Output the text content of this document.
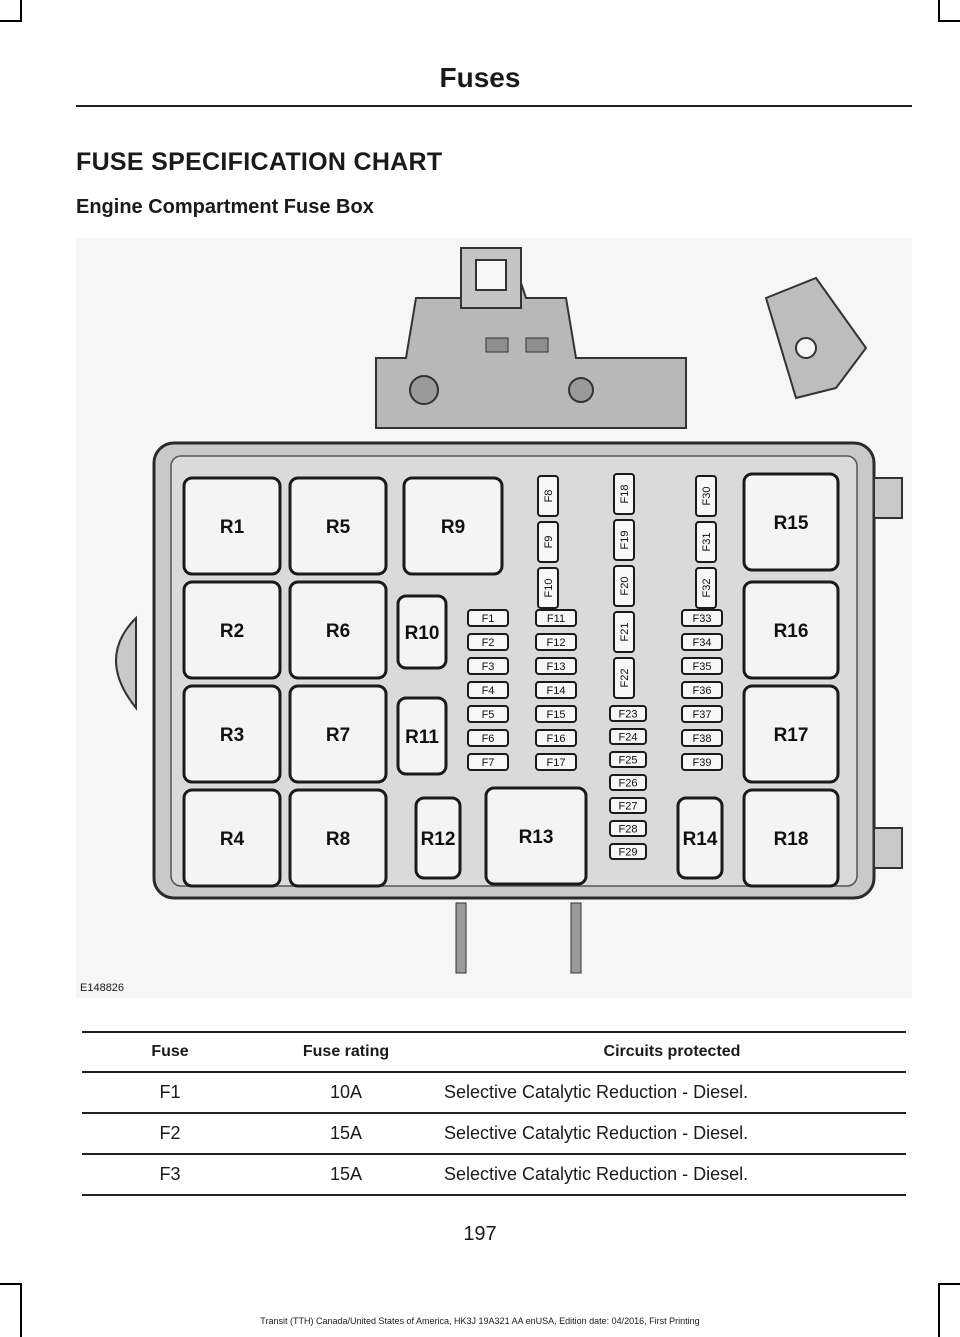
Fuses
FUSE SPECIFICATION CHART
Engine Compartment Fuse Box
R1	R5
R2	R6
R3	R7
R4	R8
R9
R10
R11
R12	R13	R14
R15
R16
R17
R18
F1
F2
F3
F4
F5
F6
F7
F8
F9
F10
F11
F12
F13
F14
F15
F16
F17
F18
F19
F20
F21
F22
F23
F24
F25
F26
F27
F28
F29
F30
F31
F32
F33
F34
F35
F36
F37
F38
F39
E148826
Fuse	Fuse rating	Circuits protected
F1	10A	Selective Catalytic Reduction - Diesel.
F2	15A	Selective Catalytic Reduction - Diesel.
F3	15A	Selective Catalytic Reduction - Diesel.
197
Transit (TTH) Canada/United States of America, HK3J 19A321 AA enUSA, Edition date: 04/2016, First Printing
